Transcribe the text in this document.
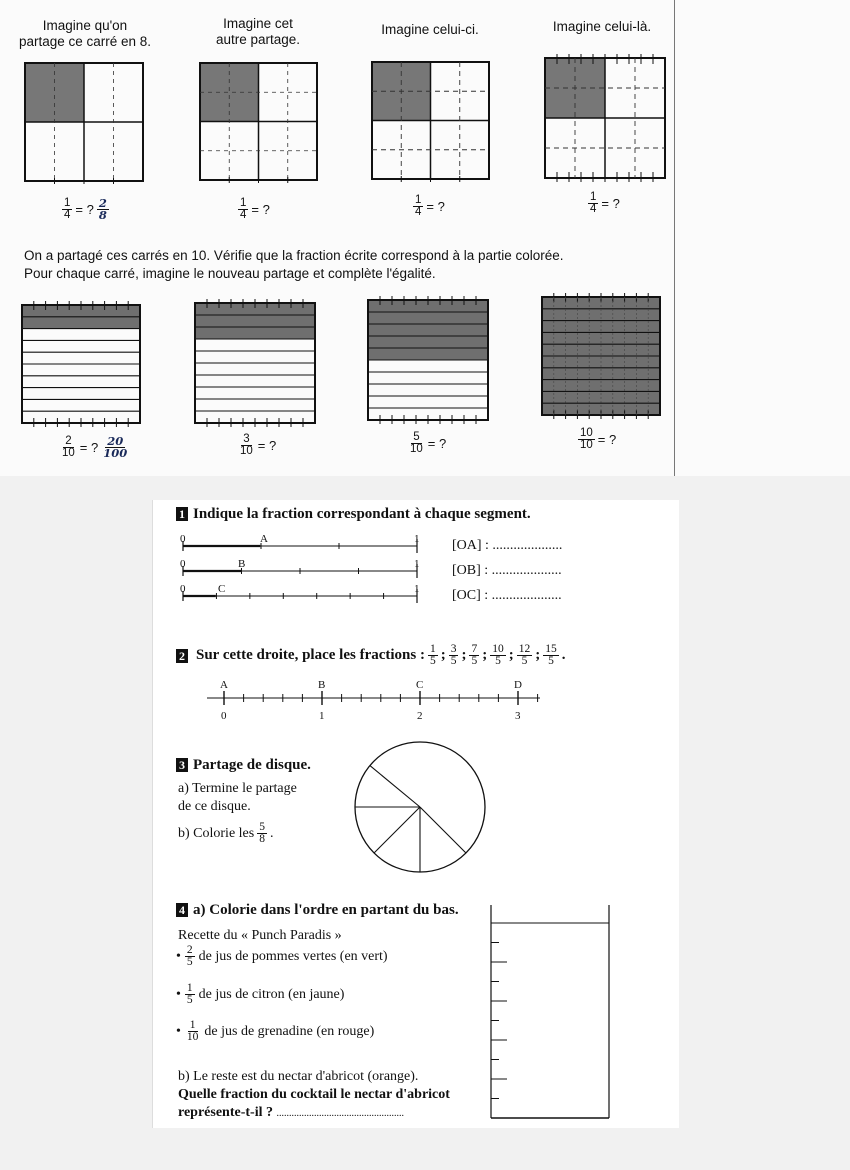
Imagine qu'on
partage ce carré en 8.
Imagine cet
autre partage.
Imagine celui-ci.	Imagine celui-là.
$\frac{1}{4}$ = ? $\frac{2}{8}$	$\frac{1}{4}$ = ?	$\frac{1}{4}$ = ?	$\frac{1}{4}$ = ?
On a partagé ces carrés en 10. Vérifie que la fraction écrite correspond à la partie colorée.
Pour chaque carré, imagine le nouveau partage et complète l'égalité.
$\frac{2}{10}$ = ? $\frac{20}{100}$	$\frac{3}{10}$ = ?	$\frac{5}{10}$ = ?	$\frac{10}{10}$ = ?
1 Indique la fraction correspondant à chaque segment.
0	A	1 [OA] : ....................
0	B	1 [OB] : ....................
0	C	1 [OC] : ....................
2 Sur cette droite, place les fractions : $\frac{1}{5}$ ; $\frac{3}{5}$ ; $\frac{7}{5}$ ; $\frac{10}{5}$ ; $\frac{12}{5}$ ; $\frac{15}{5}$ .
A	B	C	D
0	1	2	3
3 Partage de disque.
a) Termine le partage
de ce disque.
b) Colorie les $\frac{5}{8}$ .
4 a) Colorie dans l'ordre en partant du bas.
Recette du « Punch Paradis »
• $\frac{2}{5}$ de jus de pommes vertes (en vert)
• $\frac{1}{5}$ de jus de citron (en jaune)
• $\frac{1}{10}$ de jus de grenadine (en rouge)
b) Le reste est du nectar d'abricot (orange).
Quelle fraction du cocktail le nectar d'abricot
représente-t-il ? ...................................................
